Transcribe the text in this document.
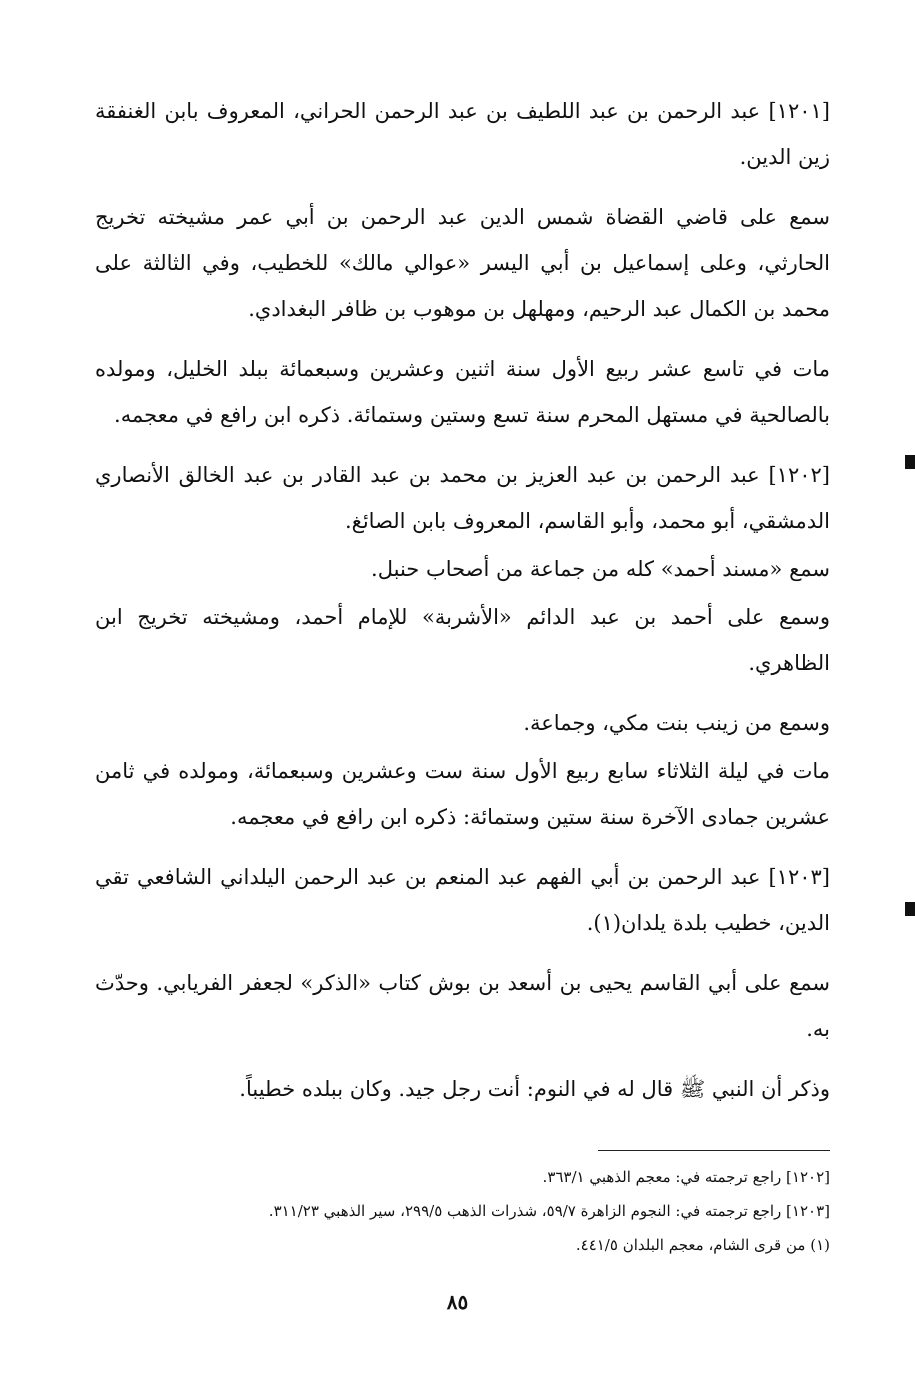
[١٢٠١] عبد الرحمن بن عبد اللطيف بن عبد الرحمن الحراني، المعروف بابن الغنفقة زين الدين.

سمع على قاضي القضاة شمس الدين عبد الرحمن بن أبي عمر مشيخته تخريج الحارثي، وعلى إسماعيل بن أبي اليسر «عوالي مالك» للخطيب، وفي الثالثة على محمد بن الكمال عبد الرحيم، ومهلهل بن موهوب بن ظافر البغدادي.

مات في تاسع عشر ربيع الأول سنة اثنين وعشرين وسبعمائة ببلد الخليل، ومولده بالصالحية في مستهل المحرم سنة تسع وستين وستمائة. ذكره ابن رافع في معجمه.

[١٢٠٢] عبد الرحمن بن عبد العزيز بن محمد بن عبد القادر بن عبد الخالق الأنصاري الدمشقي، أبو محمد، وأبو القاسم، المعروف بابن الصائغ.

سمع «مسند أحمد» كله من جماعة من أصحاب حنبل.

وسمع على أحمد بن عبد الدائم «الأشربة» للإمام أحمد، ومشيخته تخريج ابن الظاهري.

وسمع من زينب بنت مكي، وجماعة.

مات في ليلة الثلاثاء سابع ربيع الأول سنة ست وعشرين وسبعمائة، ومولده في ثامن عشرين جمادى الآخرة سنة ستين وستمائة: ذكره ابن رافع في معجمه.

[١٢٠٣] عبد الرحمن بن أبي الفهم عبد المنعم بن عبد الرحمن اليلداني الشافعي تقي الدين، خطيب بلدة يلدان(١).

سمع على أبي القاسم يحيى بن أسعد بن بوش كتاب «الذكر» لجعفر الفريابي. وحدّث به.

وذكر أن النبي ﷺ قال له في النوم: أنت رجل جيد. وكان ببلده خطيباً.

[١٢٠٢] راجع ترجمته في: معجم الذهبي ٣٦٣/١.
[١٢٠٣] راجع ترجمته في: النجوم الزاهرة ٥٩/٧، شذرات الذهب ٢٩٩/٥، سير الذهبي ٣١١/٢٣.
(١) من قرى الشام، معجم البلدان ٤٤١/٥.
٨٥
